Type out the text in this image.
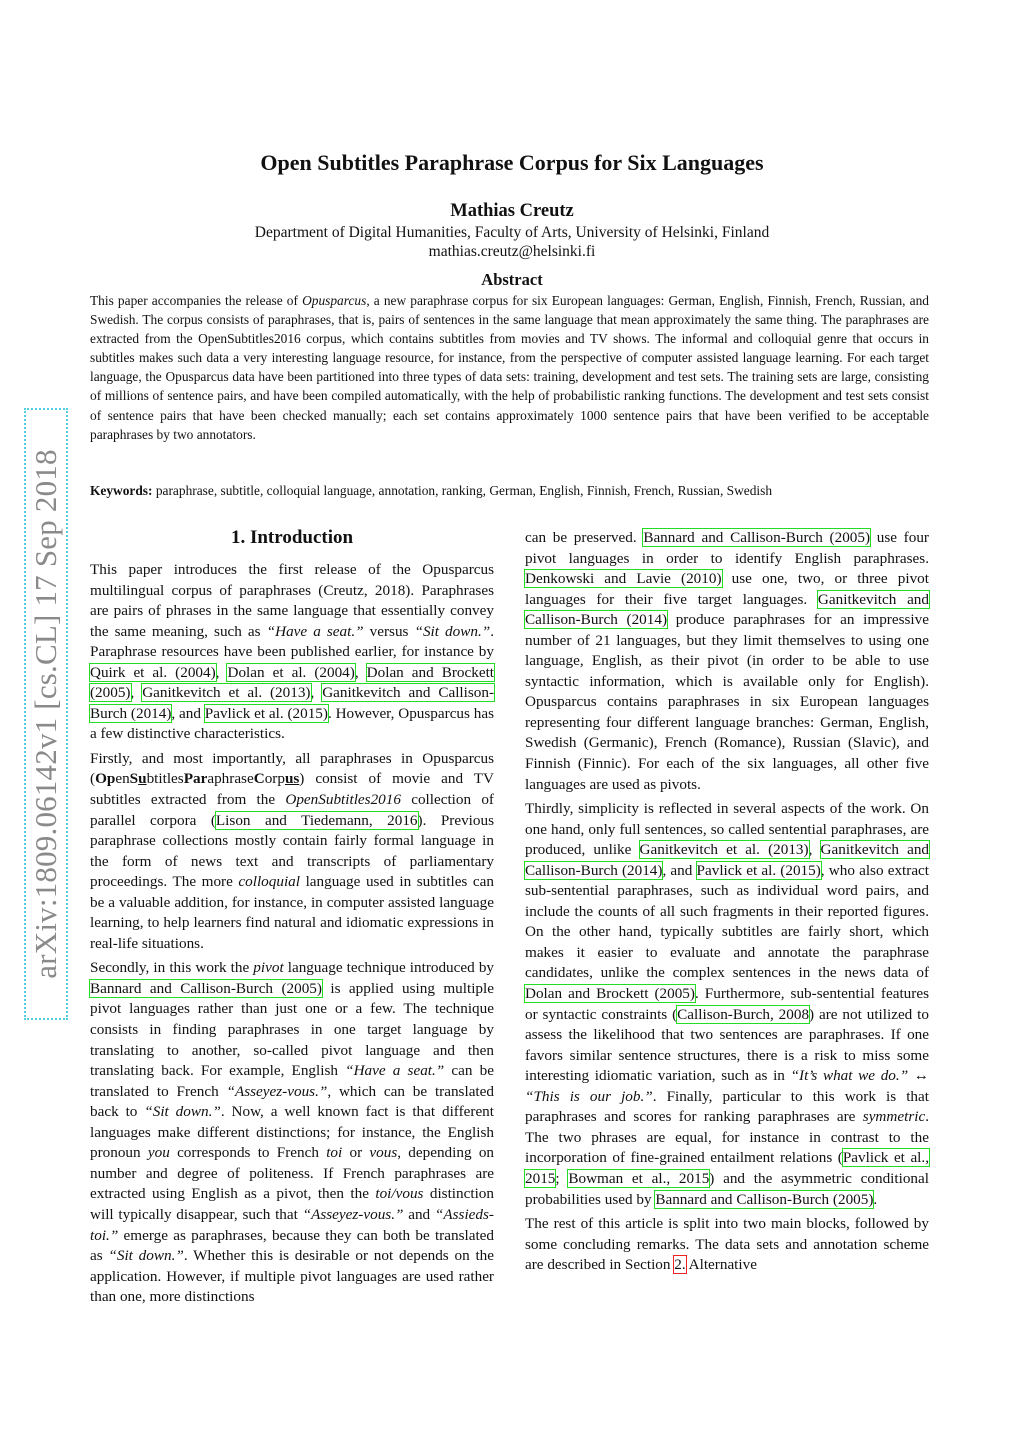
arXiv:1809.06142v1 [cs.CL] 17 Sep 2018
Open Subtitles Paraphrase Corpus for Six Languages
Mathias Creutz
Department of Digital Humanities, Faculty of Arts, University of Helsinki, Finland
mathias.creutz@helsinki.fi
Abstract
This paper accompanies the release of Opusparcus, a new paraphrase corpus for six European languages: German, English, Finnish, French, Russian, and Swedish. The corpus consists of paraphrases, that is, pairs of sentences in the same language that mean approximately the same thing. The paraphrases are extracted from the OpenSubtitles2016 corpus, which contains subtitles from movies and TV shows. The informal and colloquial genre that occurs in subtitles makes such data a very interesting language resource, for instance, from the perspective of computer assisted language learning. For each target language, the Opusparcus data have been partitioned into three types of data sets: training, development and test sets. The training sets are large, consisting of millions of sentence pairs, and have been compiled automatically, with the help of probabilistic ranking functions. The development and test sets consist of sentence pairs that have been checked manually; each set contains approximately 1000 sentence pairs that have been verified to be acceptable paraphrases by two annotators.
Keywords: paraphrase, subtitle, colloquial language, annotation, ranking, German, English, Finnish, French, Russian, Swedish
1. Introduction

This paper introduces the first release of the Opusparcus multilingual corpus of paraphrases (Creutz, 2018). Paraphrases are pairs of phrases in the same language that essentially convey the same meaning, such as “Have a seat.” versus “Sit down.”. Paraphrase resources have been published earlier, for instance by Quirk et al. (2004), Dolan et al. (2004), Dolan and Brockett (2005), Ganitkevitch et al. (2013), Ganitkevitch and Callison-Burch (2014), and Pavlick et al. (2015). However, Opusparcus has a few distinctive characteristics.

Firstly, and most importantly, all paraphrases in Opusparcus (OpenSubtitlesParaphraseCorpus) consist of movie and TV subtitles extracted from the OpenSubtitles2016 collection of parallel corpora (Lison and Tiedemann, 2016). Previous paraphrase collections mostly contain fairly formal language in the form of news text and transcripts of parliamentary proceedings. The more colloquial language used in subtitles can be a valuable addition, for instance, in computer assisted language learning, to help learners find natural and idiomatic expressions in real-life situations.

Secondly, in this work the pivot language technique introduced by Bannard and Callison-Burch (2005) is applied using multiple pivot languages rather than just one or a few. The technique consists in finding paraphrases in one target language by translating to another, so-called pivot language and then translating back. For example, English “Have a seat.” can be translated to French “Asseyez-vous.”, which can be translated back to “Sit down.”. Now, a well known fact is that different languages make different distinctions; for instance, the English pronoun you corresponds to French toi or vous, depending on number and degree of politeness. If French paraphrases are extracted using English as a pivot, then the toi/vous distinction will typically disappear, such that “Asseyez-vous.” and “Assieds-toi.” emerge as paraphrases, because they can both be translated as “Sit down.”. Whether this is desirable or not depends on the application. However, if multiple pivot languages are used rather than one, more distinctions

can be preserved. Bannard and Callison-Burch (2005) use four pivot languages in order to identify English paraphrases. Denkowski and Lavie (2010) use one, two, or three pivot languages for their five target languages. Ganitkevitch and Callison-Burch (2014) produce paraphrases for an impressive number of 21 languages, but they limit themselves to using one language, English, as their pivot (in order to be able to use syntactic information, which is available only for English). Opusparcus contains paraphrases in six European languages representing four different language branches: German, English, Swedish (Germanic), French (Romance), Russian (Slavic), and Finnish (Finnic). For each of the six languages, all other five languages are used as pivots.

Thirdly, simplicity is reflected in several aspects of the work. On one hand, only full sentences, so called sentential paraphrases, are produced, unlike Ganitkevitch et al. (2013), Ganitkevitch and Callison-Burch (2014), and Pavlick et al. (2015), who also extract sub-sentential paraphrases, such as individual word pairs, and include the counts of all such fragments in their reported figures. On the other hand, typically subtitles are fairly short, which makes it easier to evaluate and annotate the paraphrase candidates, unlike the complex sentences in the news data of Dolan and Brockett (2005). Furthermore, sub-sentential features or syntactic constraints (Callison-Burch, 2008) are not utilized to assess the likelihood that two sentences are paraphrases. If one favors similar sentence structures, there is a risk to miss some interesting idiomatic variation, such as in “It’s what we do.” ↔ “This is our job.”. Finally, particular to this work is that paraphrases and scores for ranking paraphrases are symmetric. The two phrases are equal, for instance in contrast to the incorporation of fine-grained entailment relations (Pavlick et al., 2015; Bowman et al., 2015) and the asymmetric conditional probabilities used by Bannard and Callison-Burch (2005).

The rest of this article is split into two main blocks, followed by some concluding remarks. The data sets and annotation scheme are described in Section 2. Alternative
